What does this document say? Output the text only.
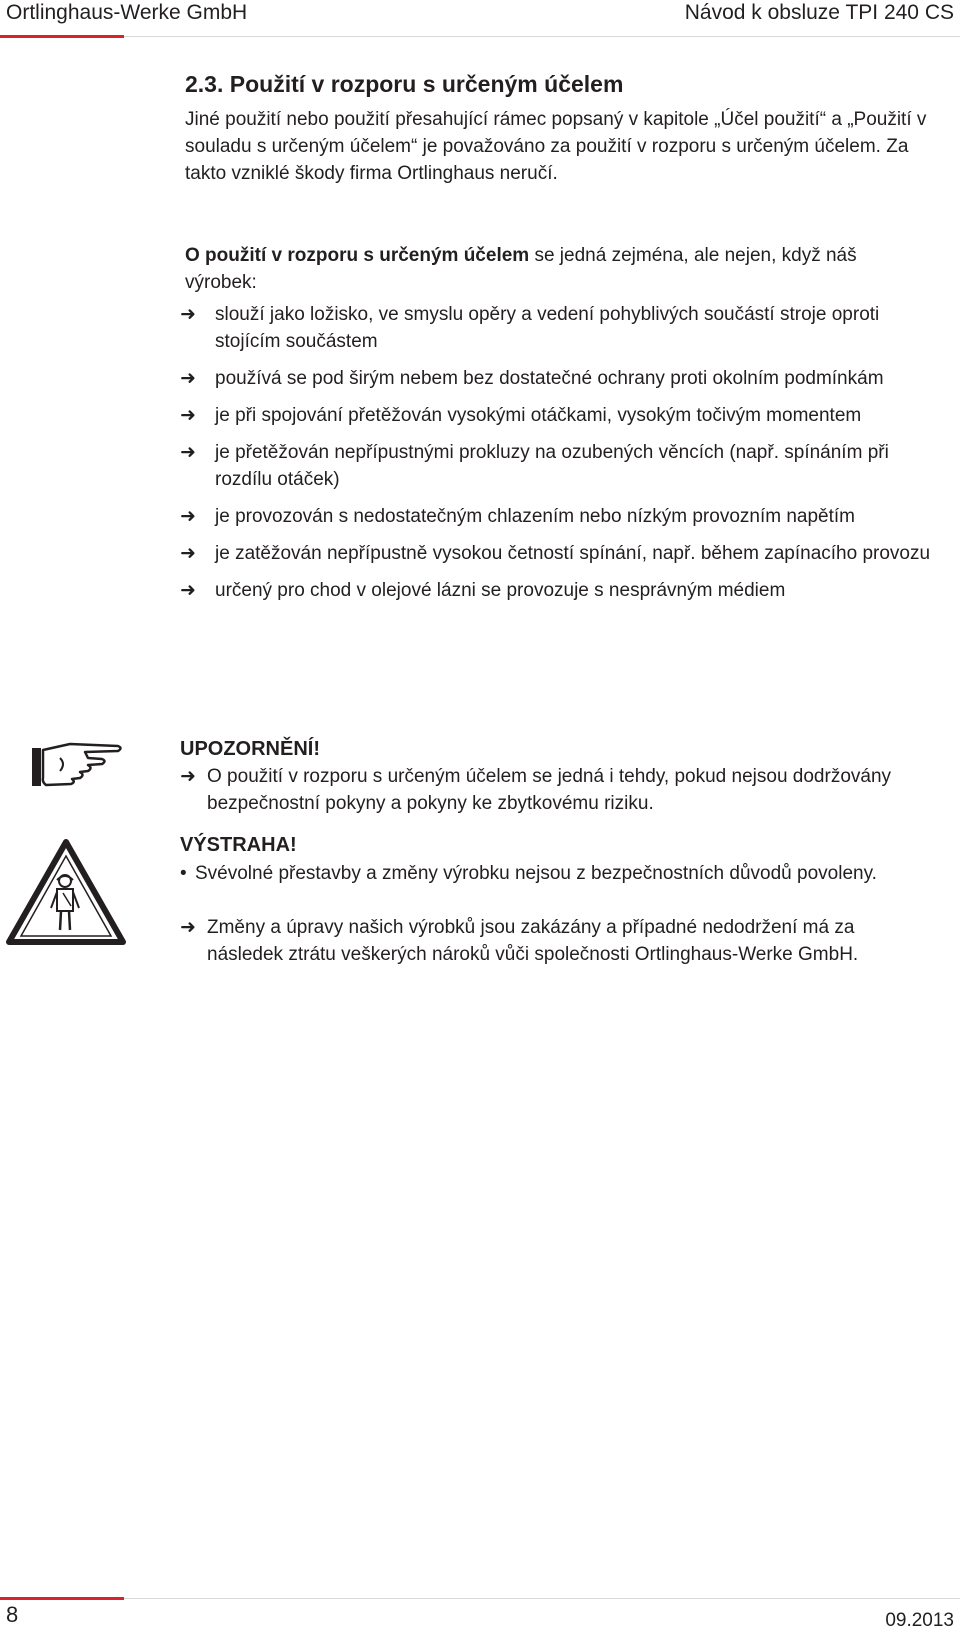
Ortlinghaus-Werke GmbH	Návod k obsluze TPI 240 CS
2.3. Použití v rozporu s určeným účelem
Jiné použití nebo použití přesahující rámec popsaný v kapitole „Účel použití“ a „Použití v souladu s určeným účelem“ je považováno za použití v rozporu s určeným účelem. Za takto vzniklé škody firma Ortlinghaus neručí.
O použití v rozporu s určeným účelem se jedná zejména, ale nejen, když náš výrobek:
➜	slouží jako ložisko, ve smyslu opěry a vedení pohyblivých součástí stroje oproti stojícím součástem
➜	používá se pod širým nebem bez dostatečné ochrany proti okolním podmínkám
➜	je při spojování přetěžován vysokými otáčkami, vysokým točivým momentem
➜	je přetěžován nepřípustnými prokluzy na ozubených věncích (např. spínáním při rozdílu otáček)
➜	je provozován s nedostatečným chlazením nebo nízkým provozním napětím
➜	je zatěžován nepřípustně vysokou četností spínání, např. během zapínacího provozu
➜	určený pro chod v olejové lázni se provozuje s nesprávným médiem
UPOZORNĚNÍ!
➜ O použití v rozporu s určeným účelem se jedná i tehdy, pokud nejsou dodržovány bezpečnostní pokyny a pokyny ke zbytkovému riziku.
VÝSTRAHA!
• Svévolné přestavby a změny výrobku nejsou z bezpečnostních důvodů povoleny.
➜ Změny a úpravy našich výrobků jsou zakázány a případné nedodržení má za následek ztrátu veškerých nároků vůči společnosti Ortlinghaus-Werke GmbH.
8	09.2013
